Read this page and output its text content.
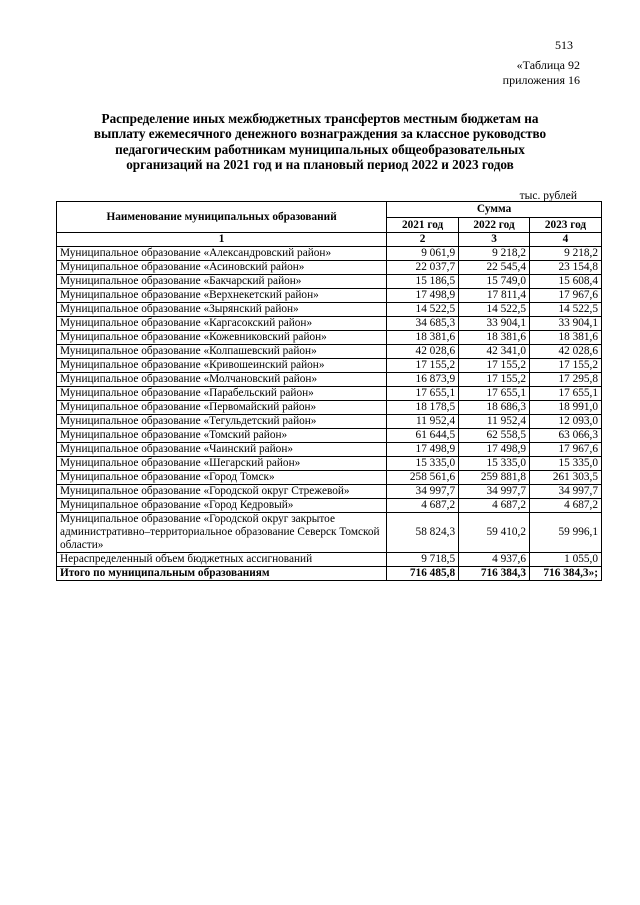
513
«Таблица 92
приложения 16
Распределение иных межбюджетных трансфертов местным бюджетам на выплату ежемесячного денежного вознаграждения за классное руководство педагогическим работникам муниципальных общеобразовательных организаций на 2021 год и на плановый период 2022 и 2023 годов
тыс. рублей
Наименование муниципальных образований	Сумма		
	2021 год	2022 год	2023 год
1	2	3	4
Муниципальное образование «Александровский район»	9 061,9	9 218,2	9 218,2
Муниципальное образование «Асиновский район»	22 037,7	22 545,4	23 154,8
Муниципальное образование «Бакчарский район»	15 186,5	15 749,0	15 608,4
Муниципальное образование «Верхнекетский район»	17 498,9	17 811,4	17 967,6
Муниципальное образование «Зырянский район»	14 522,5	14 522,5	14 522,5
Муниципальное образование «Каргасокский район»	34 685,3	33 904,1	33 904,1
Муниципальное образование «Кожевниковский район»	18 381,6	18 381,6	18 381,6
Муниципальное образование «Колпашевский район»	42 028,6	42 341,0	42 028,6
Муниципальное образование «Кривошеинский район»	17 155,2	17 155,2	17 155,2
Муниципальное образование «Молчановский район»	16 873,9	17 155,2	17 295,8
Муниципальное образование «Парабельский район»	17 655,1	17 655,1	17 655,1
Муниципальное образование «Первомайский район»	18 178,5	18 686,3	18 991,0
Муниципальное образование «Тегульдетский район»	11 952,4	11 952,4	12 093,0
Муниципальное образование «Томский район»	61 644,5	62 558,5	63 066,3
Муниципальное образование «Чаинский район»	17 498,9	17 498,9	17 967,6
Муниципальное образование «Шегарский район»	15 335,0	15 335,0	15 335,0
Муниципальное образование «Город Томск»	258 561,6	259 881,8	261 303,5
Муниципальное образование «Городской округ Стрежевой»	34 997,7	34 997,7	34 997,7
Муниципальное образование «Город Кедровый»	4 687,2	4 687,2	4 687,2
Муниципальное образование «Городской округ закрытое административно–территориальное образование Северск Томской области»	58 824,3	59 410,2	59 996,1
Нераспределенный объем бюджетных ассигнований	9 718,5	4 937,6	1 055,0
Итого по муниципальным образованиям	716 485,8	716 384,3	716 384,3»;
